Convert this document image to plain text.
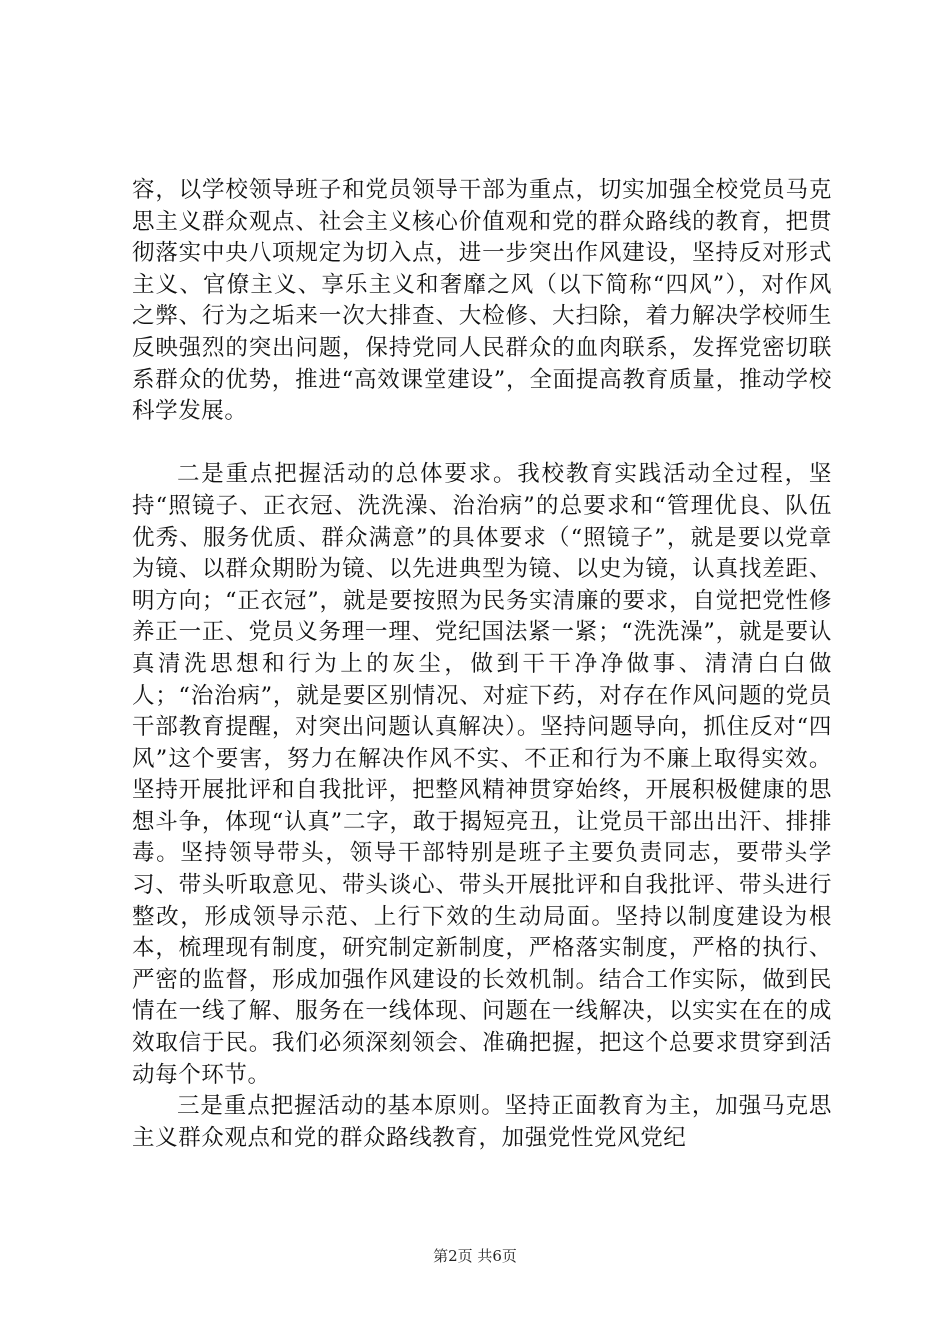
容，以学校领导班子和党员领导干部为重点，切实加强全校党员马克思主义群众观点、社会主义核心价值观和党的群众路线的教育，把贯彻落实中央八项规定为切入点，进一步突出作风建设，坚持反对形式主义、官僚主义、享乐主义和奢靡之风（以下简称“四风”），对作风之弊、行为之垢来一次大排查、大检修、大扫除，着力解决学校师生反映强烈的突出问题，保持党同人民群众的血肉联系，发挥党密切联系群众的优势，推进“高效课堂建设”，全面提高教育质量，推动学校科学发展。

二是重点把握活动的总体要求。我校教育实践活动全过程，坚持“照镜子、正衣冠、洗洗澡、治治病”的总要求和“管理优良、队伍优秀、服务优质、群众满意”的具体要求（“照镜子”，就是要以党章为镜、以群众期盼为镜、以先进典型为镜、以史为镜，认真找差距、明方向；“正衣冠”，就是要按照为民务实清廉的要求，自觉把党性修养正一正、党员义务理一理、党纪国法紧一紧；“洗洗澡”，就是要认真清洗思想和行为上的灰尘，做到干干净净做事、清清白白做人；“治治病”，就是要区别情况、对症下药，对存在作风问题的党员干部教育提醒，对突出问题认真解决）。坚持问题导向，抓住反对“四风”这个要害，努力在解决作风不实、不正和行为不廉上取得实效。坚持开展批评和自我批评，把整风精神贯穿始终，开展积极健康的思想斗争，体现“认真”二字，敢于揭短亮丑，让党员干部出出汗、排排毒。坚持领导带头，领导干部特别是班子主要负责同志，要带头学习、带头听取意见、带头谈心、带头开展批评和自我批评、带头进行整改，形成领导示范、上行下效的生动局面。坚持以制度建设为根本，梳理现有制度，研究制定新制度，严格落实制度，严格的执行、严密的监督，形成加强作风建设的长效机制。结合工作实际，做到民情在一线了解、服务在一线体现、问题在一线解决，以实实在在的成效取信于民。我们必须深刻领会、准确把握，把这个总要求贯穿到活动每个环节。

三是重点把握活动的基本原则。坚持正面教育为主，加强马克思主义群众观点和党的群众路线教育，加强党性党风党纪

第2页 共6页
